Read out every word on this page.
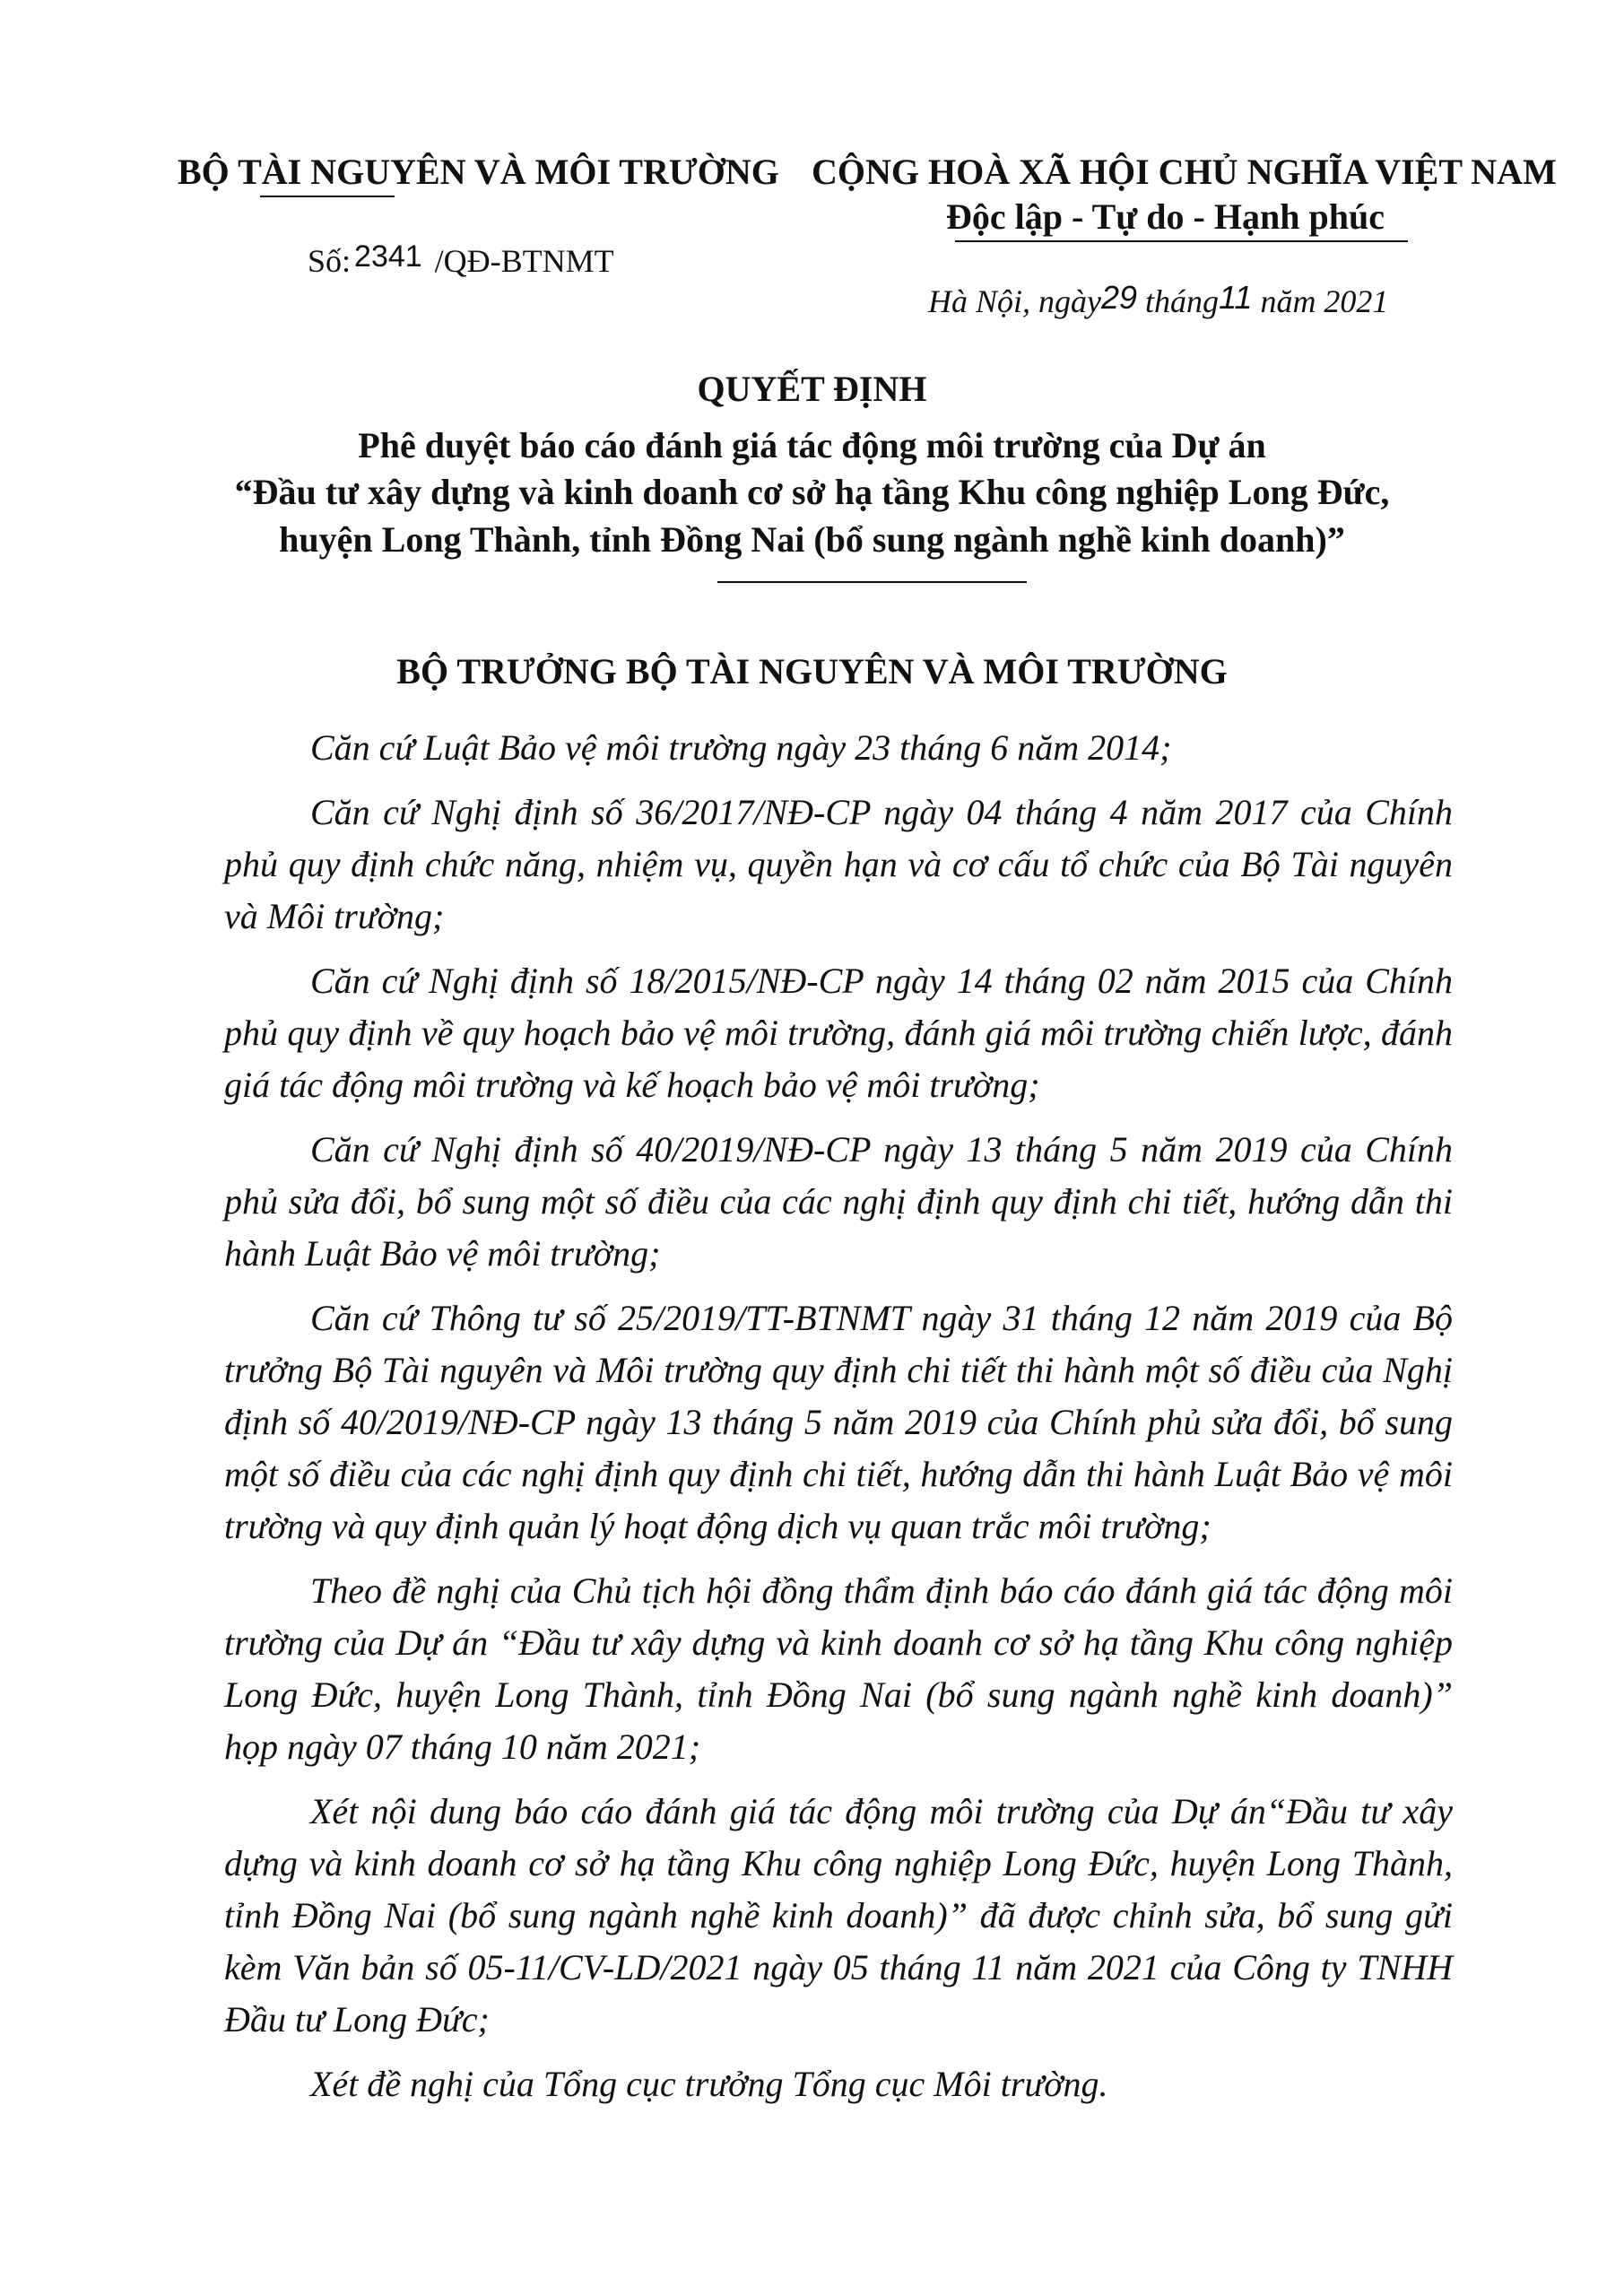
BỘ TÀI NGUYÊN VÀ MÔI TRƯỜNG CỘNG HOÀ XÃ HỘI CHỦ NGHĨA VIỆT NAM
Độc lập - Tự do - Hạnh phúc
Số: 2341 /QĐ-BTNMT
Hà Nội, ngày29 tháng11 năm 2021
QUYẾT ĐỊNH
Phê duyệt báo cáo đánh giá tác động môi trường của Dự án
“Đầu tư xây dựng và kinh doanh cơ sở hạ tầng Khu công nghiệp Long Đức,
huyện Long Thành, tỉnh Đồng Nai (bổ sung ngành nghề kinh doanh)”
BỘ TRƯỞNG BỘ TÀI NGUYÊN VÀ MÔI TRƯỜNG

Căn cứ Luật Bảo vệ môi trường ngày 23 tháng 6 năm 2014;

Căn cứ Nghị định số 36/2017/NĐ-CP ngày 04 tháng 4 năm 2017 của Chính phủ quy định chức năng, nhiệm vụ, quyền hạn và cơ cấu tổ chức của Bộ Tài nguyên và Môi trường;

Căn cứ Nghị định số 18/2015/NĐ-CP ngày 14 tháng 02 năm 2015 của Chính phủ quy định về quy hoạch bảo vệ môi trường, đánh giá môi trường chiến lược, đánh giá tác động môi trường và kế hoạch bảo vệ môi trường;

Căn cứ Nghị định số 40/2019/NĐ-CP ngày 13 tháng 5 năm 2019 của Chính phủ sửa đổi, bổ sung một số điều của các nghị định quy định chi tiết, hướng dẫn thi hành Luật Bảo vệ môi trường;

Căn cứ Thông tư số 25/2019/TT-BTNMT ngày 31 tháng 12 năm 2019 của Bộ trưởng Bộ Tài nguyên và Môi trường quy định chi tiết thi hành một số điều của Nghị định số 40/2019/NĐ-CP ngày 13 tháng 5 năm 2019 của Chính phủ sửa đổi, bổ sung một số điều của các nghị định quy định chi tiết, hướng dẫn thi hành Luật Bảo vệ môi trường và quy định quản lý hoạt động dịch vụ quan trắc môi trường;

Theo đề nghị của Chủ tịch hội đồng thẩm định báo cáo đánh giá tác động môi trường của Dự án “Đầu tư xây dựng và kinh doanh cơ sở hạ tầng Khu công nghiệp Long Đức, huyện Long Thành, tỉnh Đồng Nai (bổ sung ngành nghề kinh doanh)” họp ngày 07 tháng 10 năm 2021;

Xét nội dung báo cáo đánh giá tác động môi trường của Dự án“Đầu tư xây dựng và kinh doanh cơ sở hạ tầng Khu công nghiệp Long Đức, huyện Long Thành, tỉnh Đồng Nai (bổ sung ngành nghề kinh doanh)” đã được chỉnh sửa, bổ sung gửi kèm Văn bản số 05-11/CV-LD/2021 ngày 05 tháng 11 năm 2021 của Công ty TNHH Đầu tư Long Đức;

Xét đề nghị của Tổng cục trưởng Tổng cục Môi trường.
